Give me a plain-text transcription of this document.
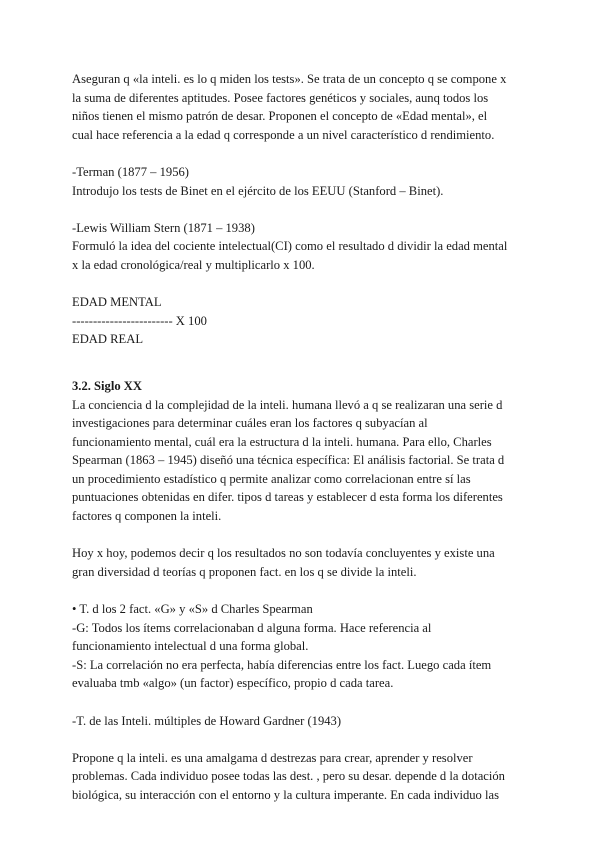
Aseguran q «la inteli. es lo q miden los tests». Se trata de un concepto q se compone x
la suma de diferentes aptitudes. Posee factores genéticos y sociales, aunq todos los
niños tienen el mismo patrón de desar. Proponen el concepto de «Edad mental», el
cual hace referencia a la edad q corresponde a un nivel característico d rendimiento.

-Terman (1877 – 1956)
Introdujo los tests de Binet en el ejército de los EEUU (Stanford – Binet).

-Lewis William Stern (1871 – 1938)
Formuló la idea del cociente intelectual(CI) como el resultado d dividir la edad mental
x la edad cronológica/real y multiplicarlo x 100.

EDAD MENTAL
------------------------ X 100
EDAD REAL

3.2. Siglo XX

La conciencia d la complejidad de la inteli. humana llevó a q se realizaran una serie d
investigaciones para determinar cuáles eran los factores q subyacían al
funcionamiento mental, cuál era la estructura d la inteli. humana. Para ello, Charles
Spearman (1863 – 1945) diseñó una técnica específica: El análisis factorial. Se trata d
un procedimiento estadístico q permite analizar como correlacionan entre sí las
puntuaciones obtenidas en difer. tipos d tareas y establecer d esta forma los diferentes
factores q componen la inteli.

Hoy x hoy, podemos decir q los resultados no son todavía concluyentes y existe una
gran diversidad d teorías q proponen fact. en los q se divide la inteli.

• T. d los 2 fact. «G» y «S» d Charles Spearman
-G: Todos los ítems correlacionaban d alguna forma. Hace referencia al
funcionamiento intelectual d una forma global.
-S: La correlación no era perfecta, había diferencias entre los fact. Luego cada ítem
evaluaba tmb «algo» (un factor) específico, propio d cada tarea.

-T. de las Inteli. múltiples de Howard Gardner (1943)

Propone q la inteli. es una amalgama d destrezas para crear, aprender y resolver
problemas. Cada individuo posee todas las dest. , pero su desar. depende d la dotación
biológica, su interacción con el entorno y la cultura imperante. En cada individuo las
